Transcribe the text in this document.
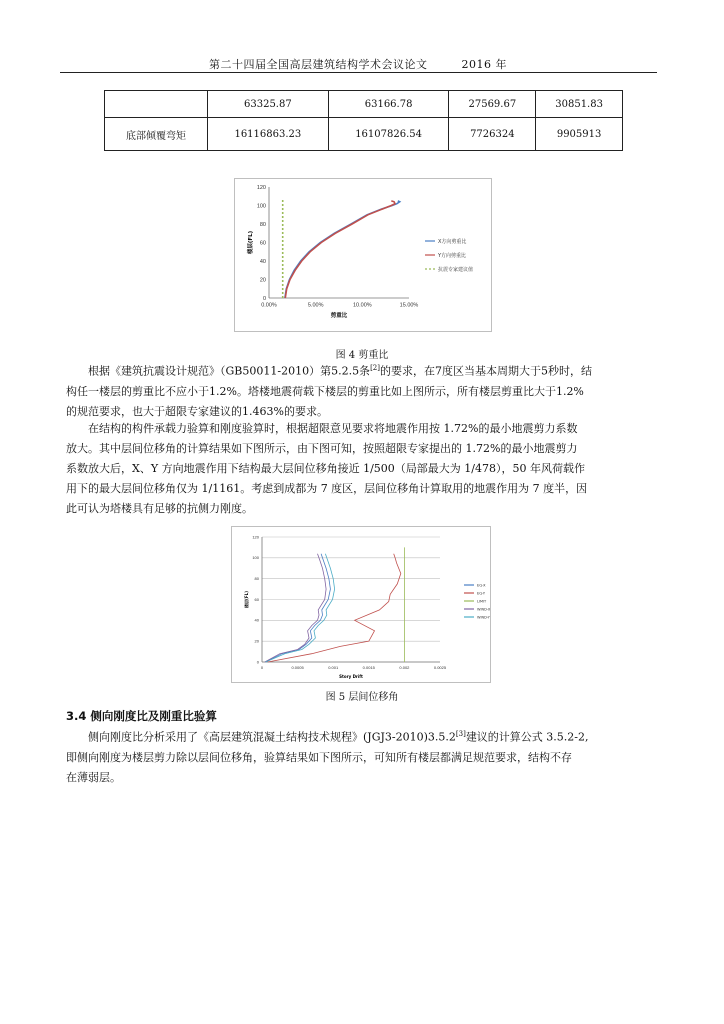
第二十四届全国高层建筑结构学术会议论文	2016 年
	63325.87	63166.78	27569.67	30851.83
底部倾覆弯矩	16116863.23	16107826.54	7726324	9905913
0
20
40
60
80
100
120
0.00%	5.00%	10.00%	15.00%
剪重比
楼层(FL)	X方向剪重比
Y方向剪重比
抗震专家建议值
图 4 剪重比
根据《建筑抗震设计规范》（GB50011-2010）第5.2.5条[2]的要求，在7度区当基本周期大于5秒时，结
构任一楼层的剪重比不应小于1.2%。塔楼地震荷载下楼层的剪重比如上图所示，所有楼层剪重比大于1.2%
的规范要求，也大于超限专家建议的1.463%的要求。
在结构的构件承载力验算和刚度验算时，根据超限意见要求将地震作用按 1.72%的最小地震剪力系数
放大。其中层间位移角的计算结果如下图所示，由下图可知，按照超限专家提出的 1.72%的最小地震剪力
系数放大后，X、Y 方向地震作用下结构最大层间位移角接近 1/500（局部最大为 1/478），50 年风荷载作
用下的最大层间位移角仅为 1/1161。考虑到成都为 7 度区，层间位移角计算取用的地震作用为 7 度半，因
此可认为塔楼具有足够的抗侧力刚度。
0
20
40
60
80
100
120
0	0.0005	0.001	0.0015	0.002	0.0025
Story Drift
楼层(FL)
EQ-X
EQ-Y
LIMIT
WIND-X
WIND-Y
图 5 层间位移角
3.4 侧向刚度比及刚重比验算
侧向刚度比分析采用了《高层建筑混凝土结构技术规程》(JGJ3-2010)3.5.2[3]建议的计算公式 3.5.2-2,
即侧向刚度为楼层剪力除以层间位移角，验算结果如下图所示，可知所有楼层都满足规范要求，结构不存
在薄弱层。
